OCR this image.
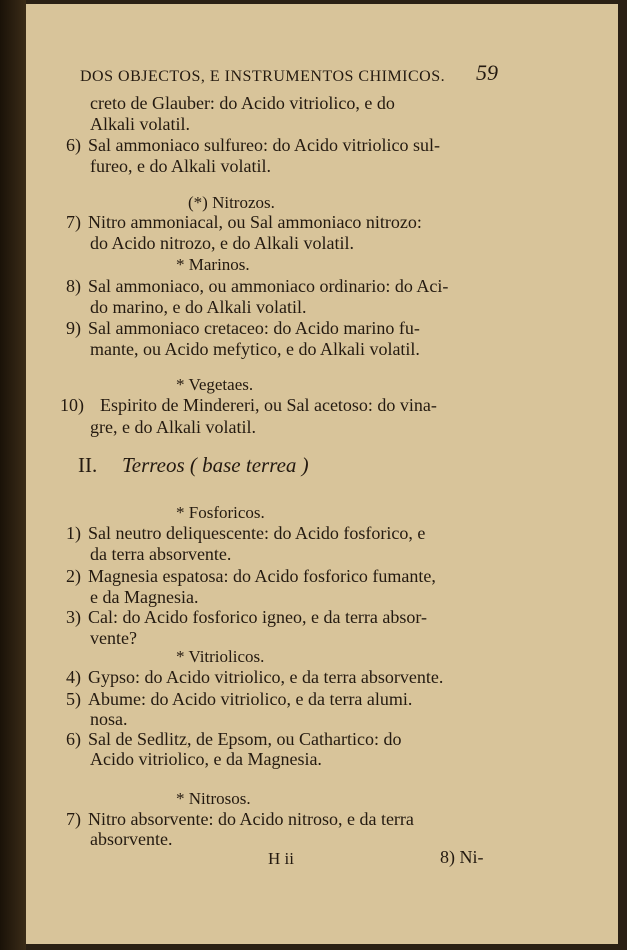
DOS OBJECTOS, E INSTRUMENTOS CHIMICOS. 59
creto de Glauber: do Acido vitriolico, e do
Alkali volatil.
6) Sal ammoniaco sulfureo: do Acido vitriolico sul-
fureo, e do Alkali volatil.
(*) Nitrozos.
7) Nitro ammoniacal, ou Sal ammoniaco nitrozo:
do Acido nitrozo, e do Alkali volatil.
* Marinos.
8) Sal ammoniaco, ou ammoniaco ordinario: do Aci-
do marino, e do Alkali volatil.
9) Sal ammoniaco cretaceo: do Acido marino fu-
mante, ou Acido mefytico, e do Alkali volatil.
* Vegetaes.
10) Espirito de Mindereri, ou Sal acetoso: do vina-
gre, e do Alkali volatil.
II. Terreos ( base terrea )
* Fosforicos.
1) Sal neutro deliquescente: do Acido fosforico, e
da terra absorvente.
2) Magnesia espatosa: do Acido fosforico fumante,
e da Magnesia.
3) Cal: do Acido fosforico igneo, e da terra absor-
vente?
* Vitriolicos.
4) Gypso: do Acido vitriolico, e da terra absorvente.
5) Abume: do Acido vitriolico, e da terra alumi.
nosa.
6) Sal de Sedlitz, de Epsom, ou Cathartico: do
Acido vitriolico, e da Magnesia.
* Nitrosos.
7) Nitro absorvente: do Acido nitroso, e da terra
absorvente.
H ii	8) Ni-
